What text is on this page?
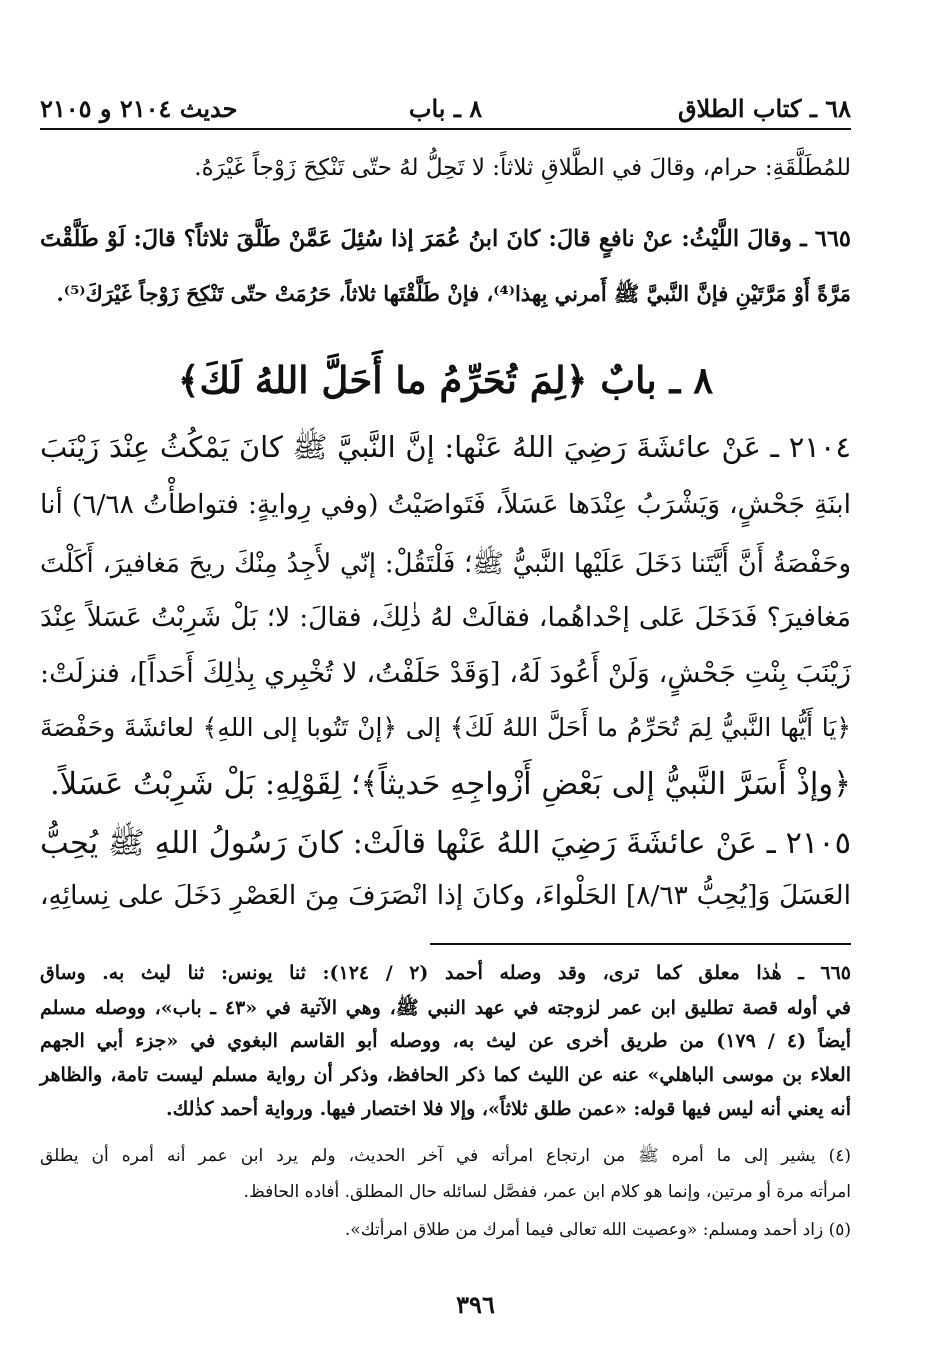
٦٨ ـ كتاب الطلاق
٨ ـ باب
حديث ٢١٠٤ و ٢١٠٥
للمُطَلَّقَةِ: حرام، وقالَ في الطَّلاقِ ثلاثاً: لا تَحِلُّ لهُ حتّى تَنْكِحَ زَوْجاً غَيْرَهُ.
٦٦٥ ـ وقالَ اللَّيْثُ: عنْ نافعٍ قالَ: كانَ ابنُ عُمَرَ إذا سُئِلَ عَمَّنْ طَلَّقَ ثلاثاً؟ قالَ: لَوْ طَلَّقْتَ
مَرَّةً أَوْ مَرَّتَيْنِ فإنَّ النَّبيَّ ﷺ أَمرني بِهذا⁽⁴⁾، فإنْ طَلَّقْتَها ثلاثاً، حَرُمَتْ حتّى تَنْكِحَ زَوْجاً غَيْرَكَ⁽⁵⁾.
٨ ـ بابٌ ﴿لِمَ تُحَرِّمُ ما أَحَلَّ اللهُ لَكَ﴾
٢١٠٤ ـ عَنْ عائشَةَ رَضِيَ اللهُ عَنْها: إنَّ النَّبيَّ ﷺ كانَ يَمْكُثُ عِنْدَ زَيْنَبَ
ابنَةِ جَحْشٍ، وَيَشْرَبُ عِنْدَها عَسَلاً، فَتَواصَيْتُ (وفي رِوايةٍ: فتواطأْتُ ٦/٦٨) أنا
وحَفْصَةُ أَنَّ أَيَّتَنا دَخَلَ عَلَيْها النَّبيُّ ﷺ؛ فَلْتَقُلْ: إنّي لأَجِدُ مِنْكَ ريحَ مَغافيرَ، أَكَلْتَ
مَغافيرَ؟ فَدَخَلَ عَلى إحْداهُما، فقالَتْ لهُ ذٰلِكَ، فقالَ: لا؛ بَلْ شَرِبْتُ عَسَلاً عِنْدَ
زَيْنَبَ بِنْتِ جَحْشٍ، وَلَنْ أَعُودَ لَهُ، [وَقَدْ حَلَفْتُ، لا تُخْبِري بِذٰلِكَ أَحَداً]، فنزلَتْ:
﴿يَا أَيُّها النَّبيُّ لِمَ تُحَرِّمُ ما أَحَلَّ اللهُ لَكَ﴾ إلى ﴿إنْ تَتُوبا إلى اللهِ﴾ لعائشَةَ وحَفْصَةَ
﴿وإذْ أَسَرَّ النَّبيُّ إلى بَعْضِ أَزْواجِهِ حَديثاً﴾؛ لِقَوْلِهِ: بَلْ شَرِبْتُ عَسَلاً.
٢١٠٥ ـ عَنْ عائشَةَ رَضِيَ اللهُ عَنْها قالَتْ: كانَ رَسُولُ اللهِ ﷺ يُحِبُّ
العَسَلَ وَ[يُحِبُّ ٨/٦٣] الحَلْواءَ، وكانَ إذا انْصَرَفَ مِنَ العَصْرِ دَخَلَ على نِسائِهِ،
٦٦٥ ـ هٰذا معلق كما ترى، وقد وصله أحمد (٢ / ١٢٤): ثنا يونس: ثنا ليث به. وساق
في أوله قصة تطليق ابن عمر لزوجته في عهد النبي ﷺ، وهي الآتية في «٤٣ ـ باب»، ووصله مسلم
أيضاً (٤ / ١٧٩) من طريق أخرى عن ليث به، ووصله أبو القاسم البغوي في «جزء أبي الجهم
العلاء بن موسى الباهلي» عنه عن الليث كما ذكر الحافظ، وذكر أن رواية مسلم ليست تامة، والظاهر
أنه يعني أنه ليس فيها قوله: «عمن طلق ثلاثاً»، وإلا فلا اختصار فيها. ورواية أحمد كذٰلك.
(٤) يشير إلى ما أمره ﷺ من ارتجاع امرأته في آخر الحديث، ولم يرد ابن عمر أنه أمره أن يطلق
امرأته مرة أو مرتين، وإنما هو كلام ابن عمر، ففصَّل لسائله حال المطلق. أفاده الحافظ.
(٥) زاد أحمد ومسلم: «وعصيت الله تعالى فيما أمرك من طلاق امرأتك».
٣٩٦
